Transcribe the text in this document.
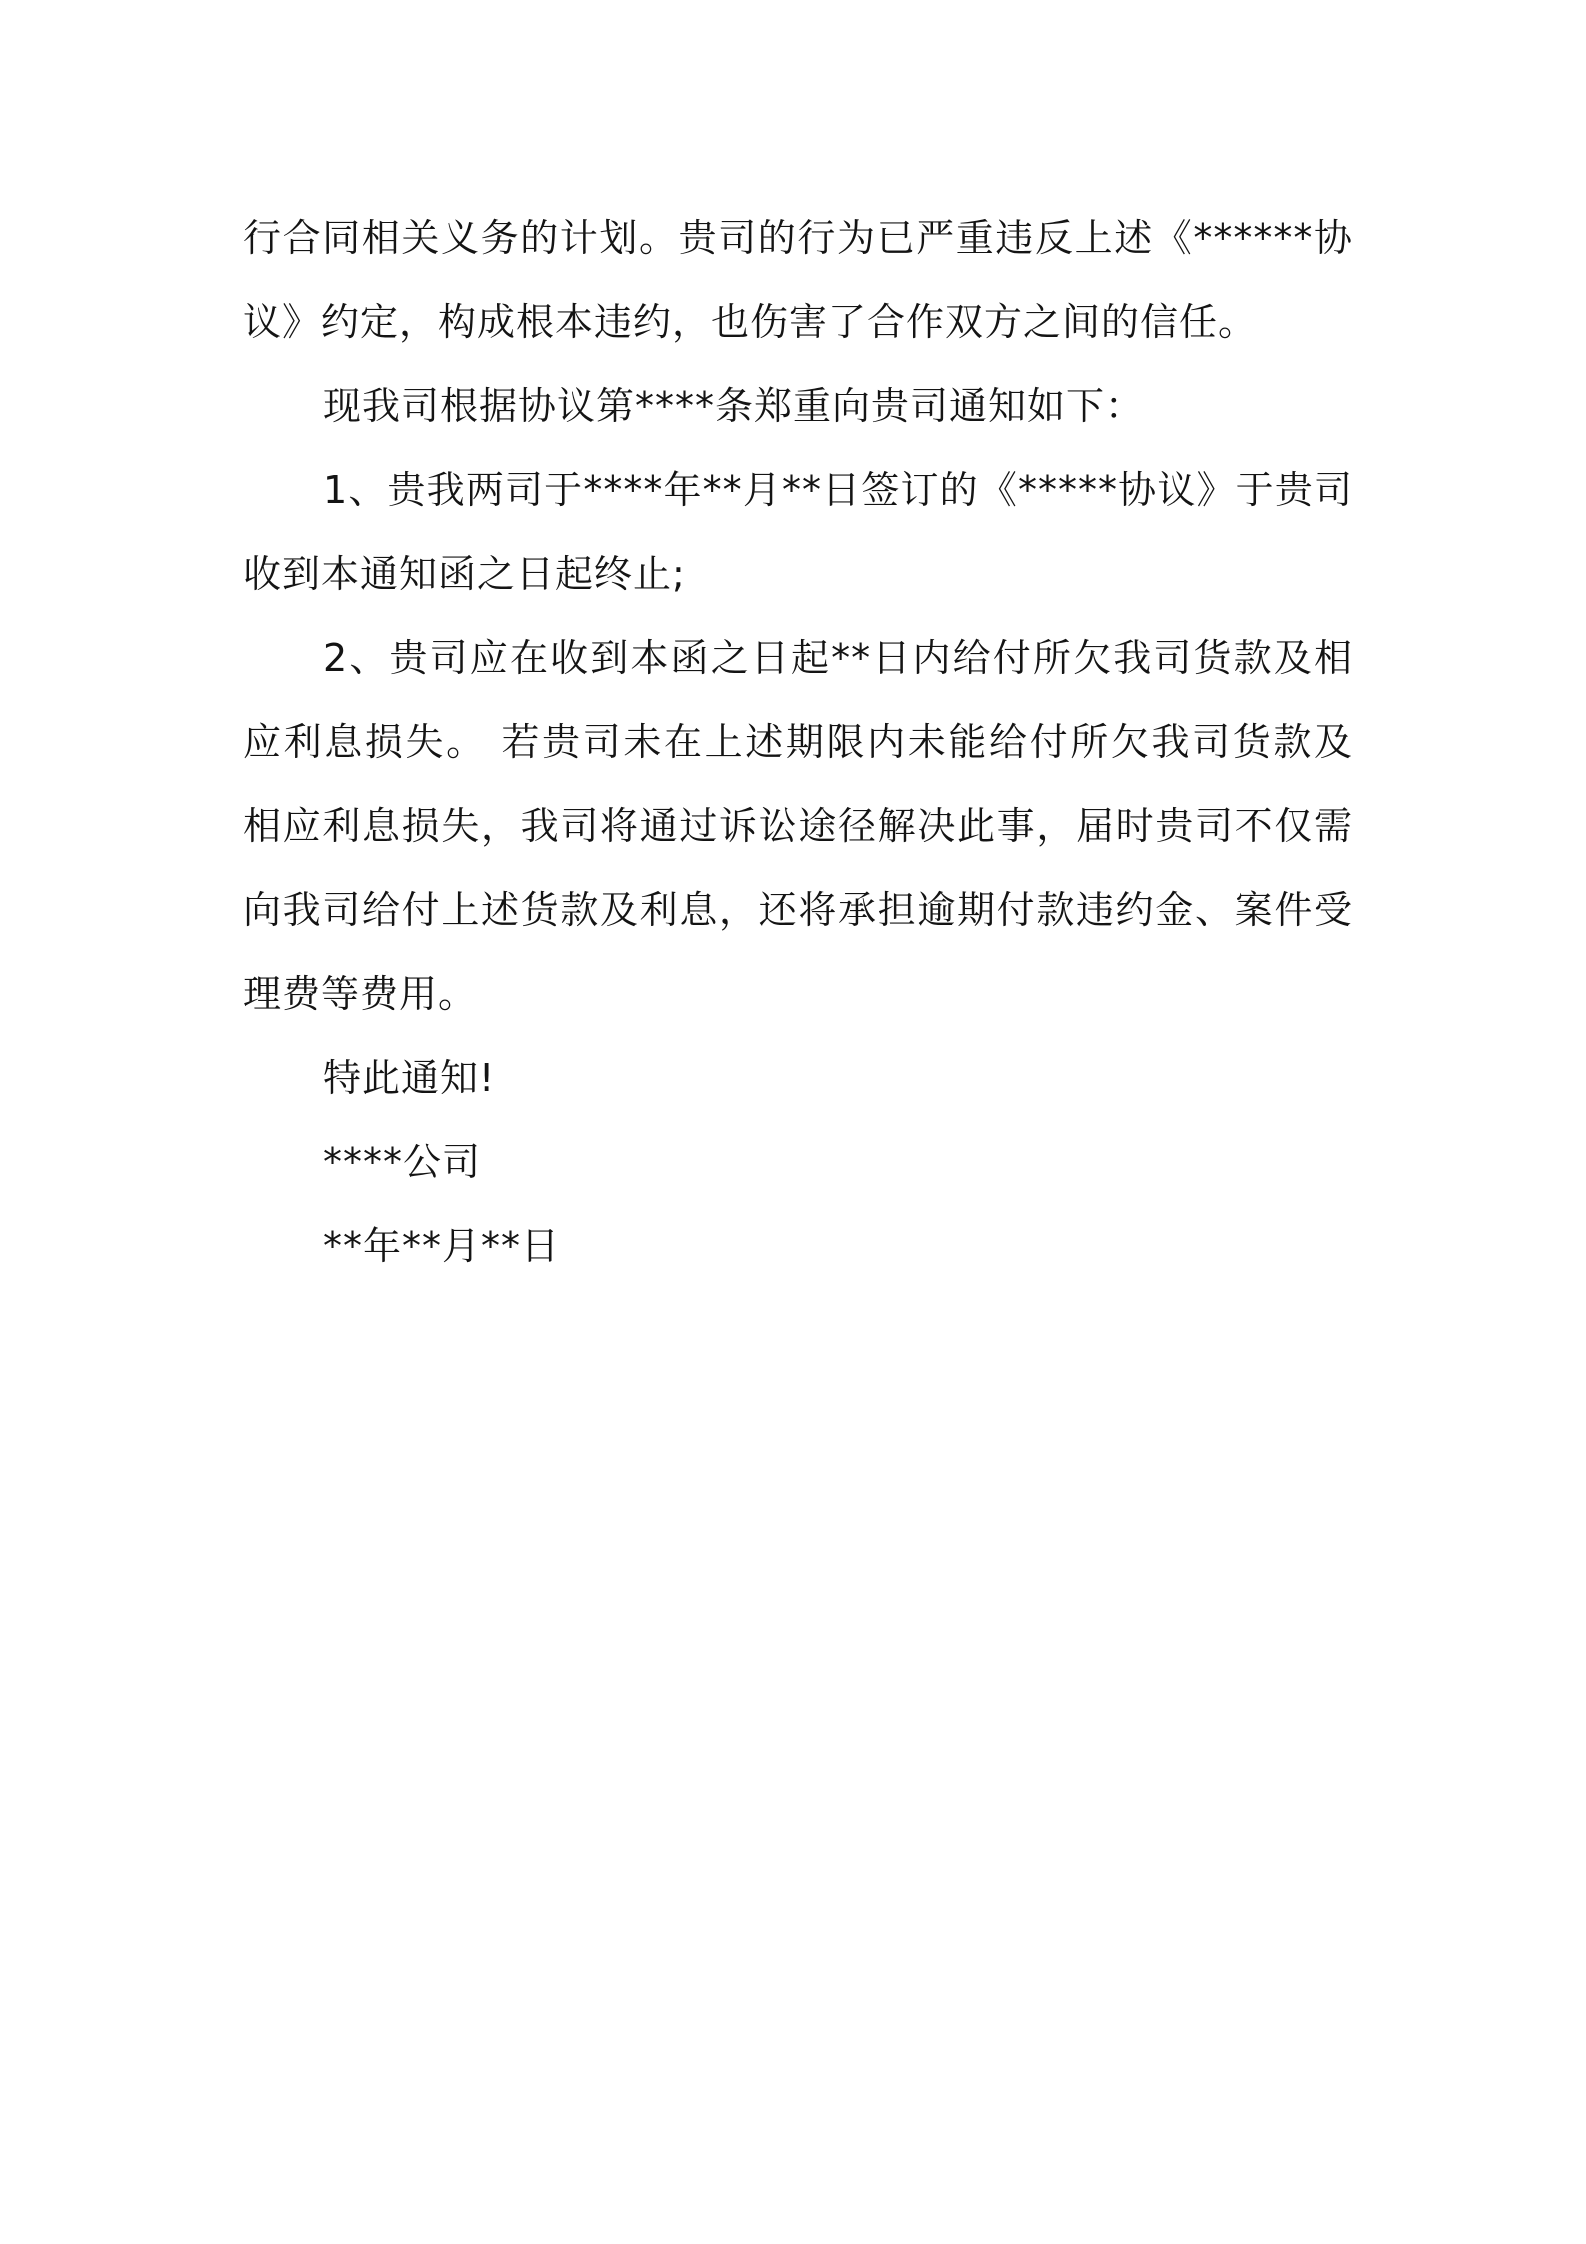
行合同相关义务的计划。贵司的行为已严重违反上述《******协
议》约定，构成根本违约，也伤害了合作双方之间的信任。
现我司根据协议第****条郑重向贵司通知如下：
1、贵我两司于****年**月**日签订的《*****协议》于贵司
收到本通知函之日起终止;
2、贵司应在收到本函之日起**日内给付所欠我司货款及相
应利息损失。 若贵司未在上述期限内未能给付所欠我司货款及
相应利息损失，我司将通过诉讼途径解决此事，届时贵司不仅需
向我司给付上述货款及利息，还将承担逾期付款违约金、案件受
理费等费用。
特此通知!
****公司
**年**月**日
